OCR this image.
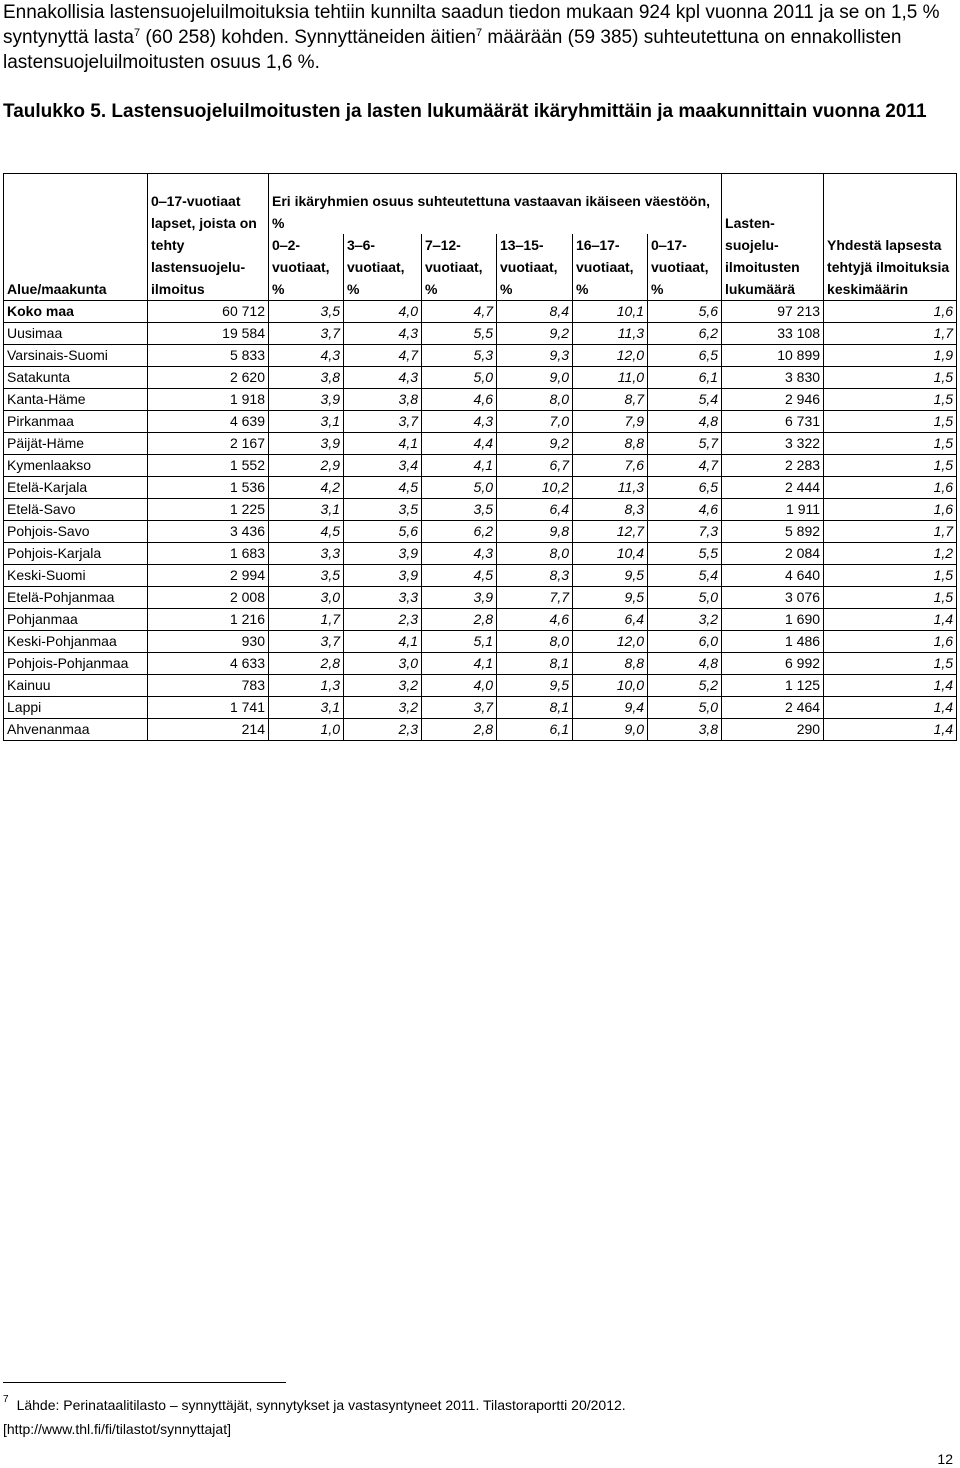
Ennakollisia lastensuojeluilmoituksia tehtiin kunnilta saadun tiedon mukaan 924 kpl vuonna 2011 ja se on 1,5 % syntynyttä lasta$^7$ (60 258) kohden. Synnyttäneiden äitien$^7$ määrään (59 385) suhteutettuna on ennakollisten lastensuojeluilmoitusten osuus 1,6 %.
Taulukko 5. Lastensuojeluilmoitusten ja lasten lukumäärät ikäryhmittäin ja maakunnittain vuonna 2011
Alue/maakunta	0‒17-vuotiaat lapset, joista on tehty lastensuojelu-ilmoitus	Eri ikäryhmien osuus suhteutettuna vastaavan ikäiseen väestöön, %						Lasten-suojelu-ilmoitusten lukumäärä	Yhdestä lapsesta tehtyjä ilmoituksia keskimäärin
		0‒2-vuotiaat, %	3‒6-vuotiaat, %	7‒12-vuotiaat, %	13‒15-vuotiaat, %	16‒17-vuotiaat, %	0‒17-vuotiaat, %		
Koko maa	60 712	3,5	4,0	4,7	8,4	10,1	5,6	97 213	1,6
Uusimaa	19 584	3,7	4,3	5,5	9,2	11,3	6,2	33 108	1,7
Varsinais-Suomi	5 833	4,3	4,7	5,3	9,3	12,0	6,5	10 899	1,9
Satakunta	2 620	3,8	4,3	5,0	9,0	11,0	6,1	3 830	1,5
Kanta-Häme	1 918	3,9	3,8	4,6	8,0	8,7	5,4	2 946	1,5
Pirkanmaa	4 639	3,1	3,7	4,3	7,0	7,9	4,8	6 731	1,5
Päijät-Häme	2 167	3,9	4,1	4,4	9,2	8,8	5,7	3 322	1,5
Kymenlaakso	1 552	2,9	3,4	4,1	6,7	7,6	4,7	2 283	1,5
Etelä-Karjala	1 536	4,2	4,5	5,0	10,2	11,3	6,5	2 444	1,6
Etelä-Savo	1 225	3,1	3,5	3,5	6,4	8,3	4,6	1 911	1,6
Pohjois-Savo	3 436	4,5	5,6	6,2	9,8	12,7	7,3	5 892	1,7
Pohjois-Karjala	1 683	3,3	3,9	4,3	8,0	10,4	5,5	2 084	1,2
Keski-Suomi	2 994	3,5	3,9	4,5	8,3	9,5	5,4	4 640	1,5
Etelä-Pohjanmaa	2 008	3,0	3,3	3,9	7,7	9,5	5,0	3 076	1,5
Pohjanmaa	1 216	1,7	2,3	2,8	4,6	6,4	3,2	1 690	1,4
Keski-Pohjanmaa	930	3,7	4,1	5,1	8,0	12,0	6,0	1 486	1,6
Pohjois-Pohjanmaa	4 633	2,8	3,0	4,1	8,1	8,8	4,8	6 992	1,5
Kainuu	783	1,3	3,2	4,0	9,5	10,0	5,2	1 125	1,4
Lappi	1 741	3,1	3,2	3,7	8,1	9,4	5,0	2 464	1,4
Ahvenanmaa	214	1,0	2,3	2,8	6,1	9,0	3,8	290	1,4
$^7$ Lähde: Perinataalitilasto – synnyttäjät, synnytykset ja vastasyntyneet 2011. Tilastoraportti 20/2012.
[http://www.thl.fi/fi/tilastot/synnyttajat]
12
